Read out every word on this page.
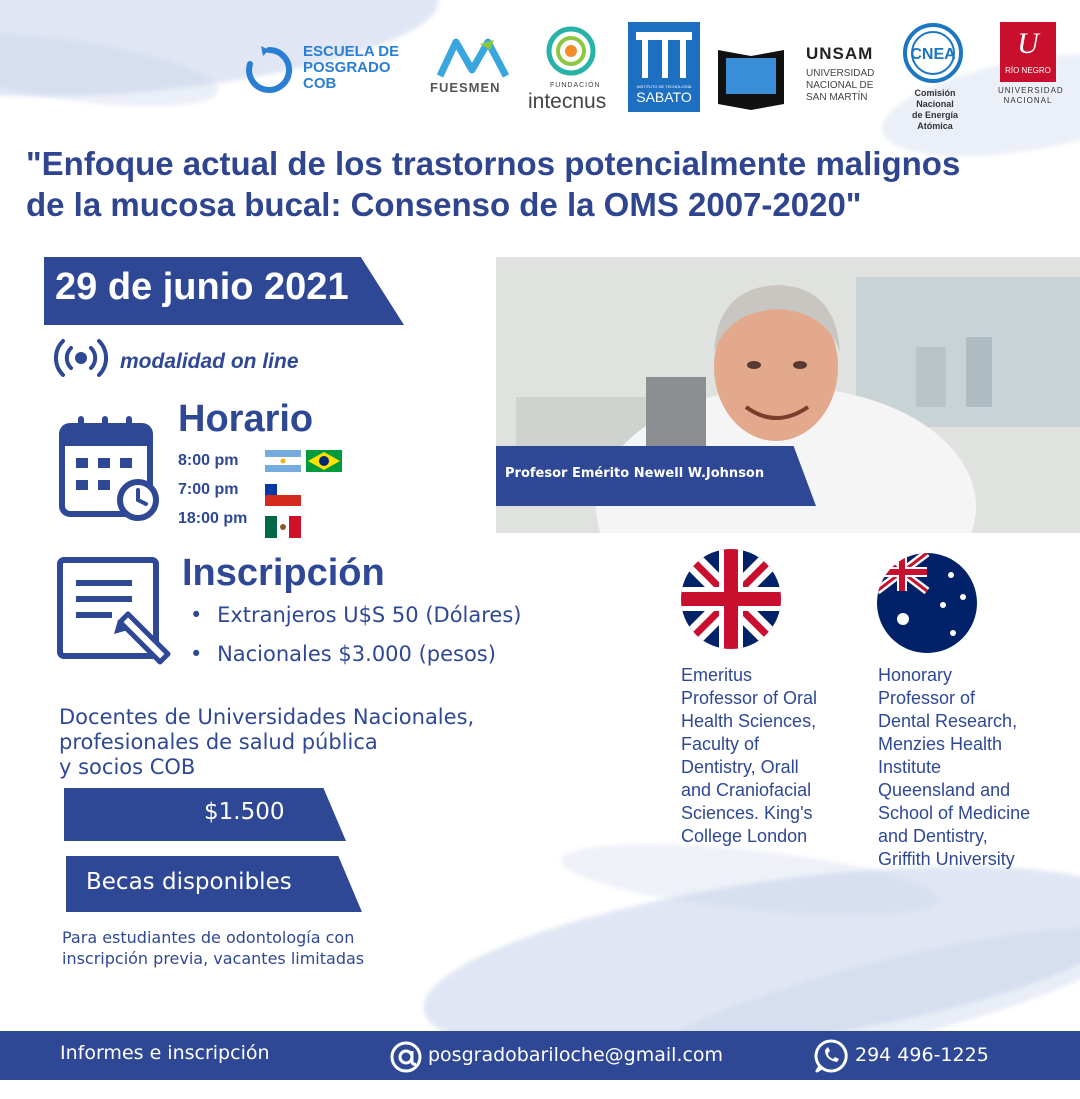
ESCUELA DE
POSGRADO
COB	FUESMEN	FUNDACIÓN
intecnus
INSTITUTO DE TECNOLOGÍA
SABATO
UNSAM
UNIVERSIDAD
NACIONAL DE
SAN MARTÍN
CNEA
Comisión Nacional
de Energía Atómica
U
RÍO NEGRO
UNIVERSIDAD
NACIONAL
"Enfoque actual de los trastornos potencialmente malignos
de la mucosa bucal: Consenso de la OMS 2007-2020"
29 de junio 2021
modalidad on line
Horario
8:00 pm
7:00 pm
18:00 pm
Profesor Emérito Newell W.Johnson
Inscripción
• Extranjeros U$S 50 (Dólares)
• Nacionales $3.000 (pesos)
Docentes de Universidades Nacionales,
profesionales de salud pública
y socios COB
$1.500
Becas disponibles
Para estudiantes de odontología con
inscripción previa, vacantes limitadas
Emeritus
Professor of Oral
Health Sciences,
Faculty of
Dentistry, Orall
and Craniofacial
Sciences. King's
College London
Honorary
Professor of
Dental Research,
Menzies Health
Institute
Queensland and
School of Medicine
and Dentistry,
Griffith University
Informes e inscripción	posgradobariloche@gmail.com	294 496-1225
